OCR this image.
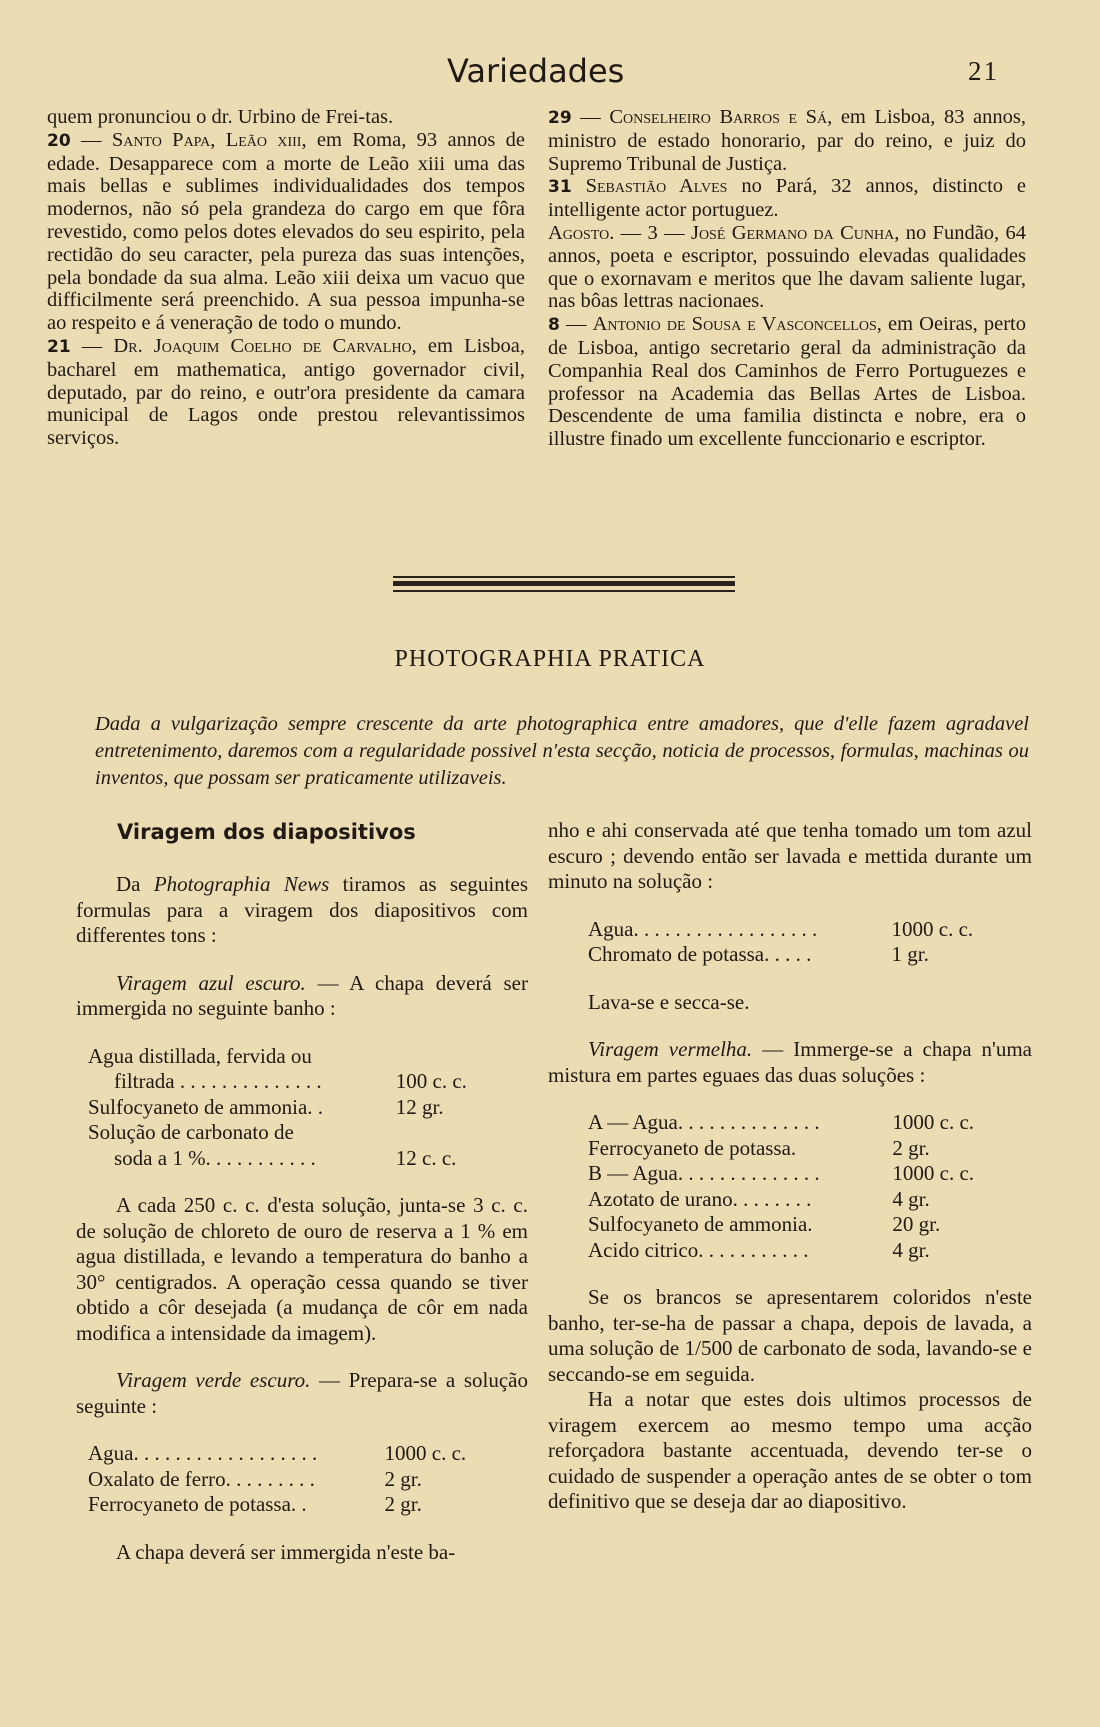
Variedades	21

quem pronunciou o dr. Urbino de Frei-tas.

20 — Santo Papa, Leão xiii, em Roma, 93 annos de edade. Desapparece com a morte de Leão xiii uma das mais bellas e sublimes individualidades dos tempos modernos, não só pela grandeza do cargo em que fôra revestido, como pelos dotes elevados do seu espirito, pela rectidão do seu caracter, pela pureza das suas intenções, pela bondade da sua alma. Leão xiii deixa um vacuo que difficilmente será preenchido. A sua pessoa impunha-se ao respeito e á veneração de todo o mundo.

21 — Dr. Joaquim Coelho de Carvalho, em Lisboa, bacharel em mathematica, antigo governador civil, deputado, par do reino, e outr'ora presidente da camara municipal de Lagos onde prestou relevantissimos serviços.

29 — Conselheiro Barros e Sá, em Lisboa, 83 annos, ministro de estado honorario, par do reino, e juiz do Supremo Tribunal de Justiça.

31 Sebastião Alves no Pará, 32 annos, distincto e intelligente actor portuguez.

Agosto. — 3 — José Germano da Cunha, no Fundão, 64 annos, poeta e escriptor, possuindo elevadas qualidades que o exornavam e meritos que lhe davam saliente lugar, nas bôas lettras nacionaes.

8 — Antonio de Sousa e Vasconcellos, em Oeiras, perto de Lisboa, antigo secretario geral da administração da Companhia Real dos Caminhos de Ferro Portuguezes e professor na Academia das Bellas Artes de Lisboa. Descendente de uma familia distincta e nobre, era o illustre finado um excellente funccionario e escriptor.

PHOTOGRAPHIA PRATICA
Dada a vulgarização sempre crescente da arte photographica entre amadores, que d'elle fazem agradavel entretenimento, daremos com a regularidade possivel n'esta secção, noticia de processos, formulas, machinas ou inventos, que possam ser praticamente utilizaveis.
Viragem dos diapositivos

Da Photographia News tiramos as seguintes formulas para a viragem dos diapositivos com differentes tons :

Viragem azul escuro. — A chapa deverá ser immergida no seguinte banho :

Agua distillada, fervida ou	
filtrada . . . . . . . . . . . . . .	100 c. c.
Sulfocyaneto de ammonia. .	12 gr.
Solução de carbonato de	
soda a 1 %. . . . . . . . . . .	12 c. c.

A cada 250 c. c. d'esta solução, junta-se 3 c. c. de solução de chloreto de ouro de reserva a 1 % em agua distillada, e levando a temperatura do banho a 30° centigrados. A operação cessa quando se tiver obtido a côr desejada (a mudança de côr em nada modifica a intensidade da imagem).

Viragem verde escuro. — Prepara-se a solução seguinte :

Agua. . . . . . . . . . . . . . . . . .	1000 c. c.
Oxalato de ferro. . . . . . . . .	2 gr.
Ferrocyaneto de potassa. .	2 gr.

A chapa deverá ser immergida n'este ba-

nho e ahi conservada até que tenha tomado um tom azul escuro ; devendo então ser lavada e mettida durante um minuto na solução :

Agua. . . . . . . . . . . . . . . . . .	1000 c. c.
Chromato de potassa. . . . .	1 gr.

Lava-se e secca-se.

Viragem vermelha. — Immerge-se a chapa n'uma mistura em partes eguaes das duas soluções :

A — Agua. . . . . . . . . . . . . .	1000 c. c.
Ferrocyaneto de potassa.	2 gr.
B — Agua. . . . . . . . . . . . . .	1000 c. c.
Azotato de urano. . . . . . . .	4 gr.
Sulfocyaneto de ammonia.	20 gr.
Acido citrico. . . . . . . . . . .	4 gr.

Se os brancos se apresentarem coloridos n'este banho, ter-se-ha de passar a chapa, depois de lavada, a uma solução de 1/500 de carbonato de soda, lavando-se e seccando-se em seguida.

Ha a notar que estes dois ultimos processos de viragem exercem ao mesmo tempo uma acção reforçadora bastante accentuada, devendo ter-se o cuidado de suspender a operação antes de se obter o tom definitivo que se deseja dar ao diapositivo.
